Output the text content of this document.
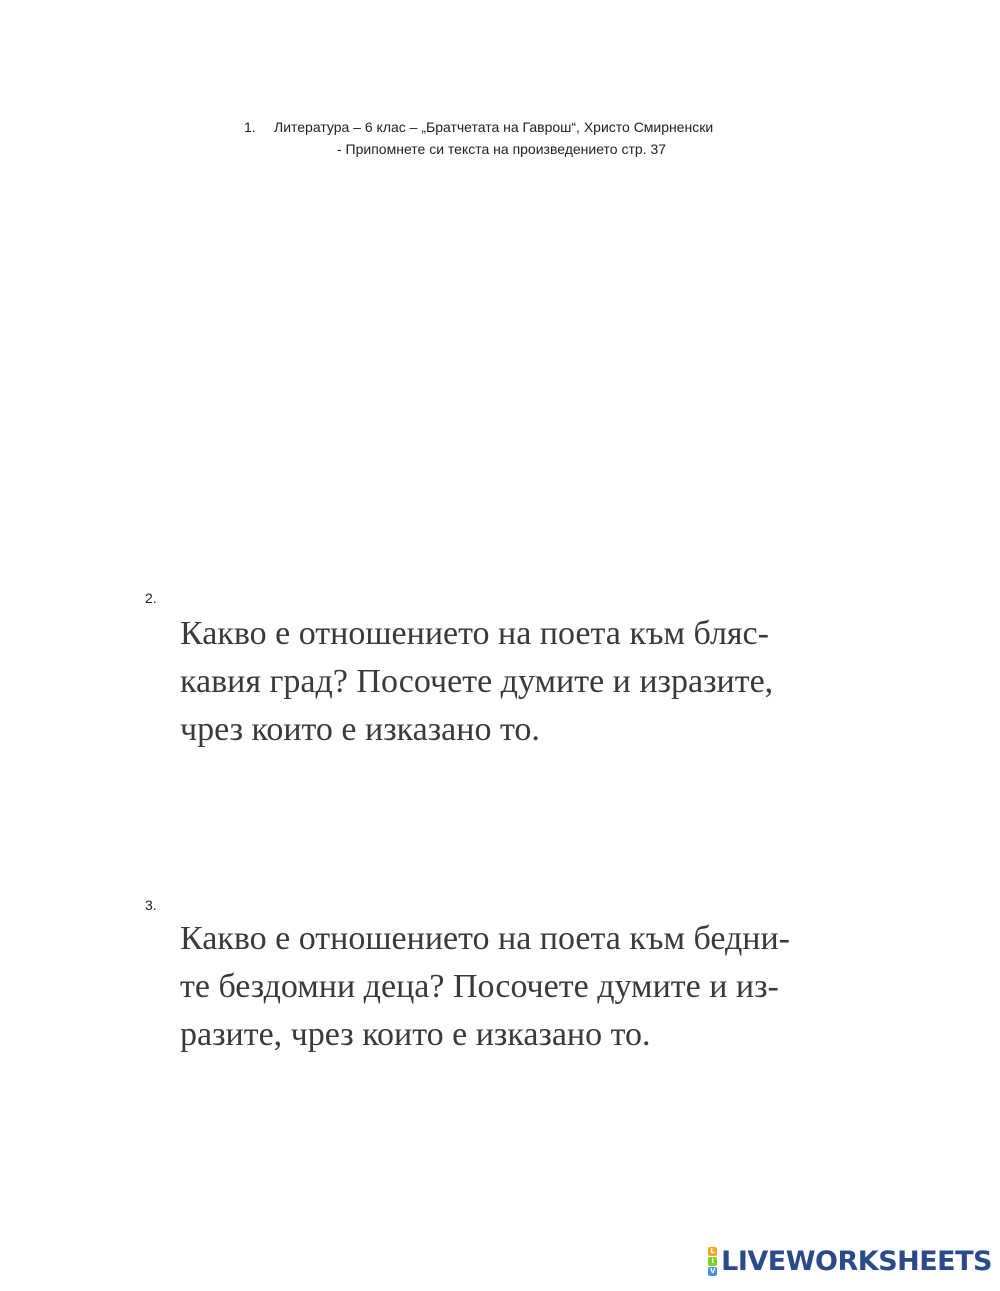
1. Литература – 6 клас – „Братчетата на Гаврош“, Христо Смирненски
- Припомнете си текста на произведението стр. 37
2.
Какво е отношението на поета към бляс-
кавия град? Посочете думите и изразите,
чрез които е изказано то.
3.
Какво е отношението на поета към бедни-
те бездомни деца? Посочете думите и из-
разите, чрез които е изказано то.
L
I
V LIVEWORKSHEETS
